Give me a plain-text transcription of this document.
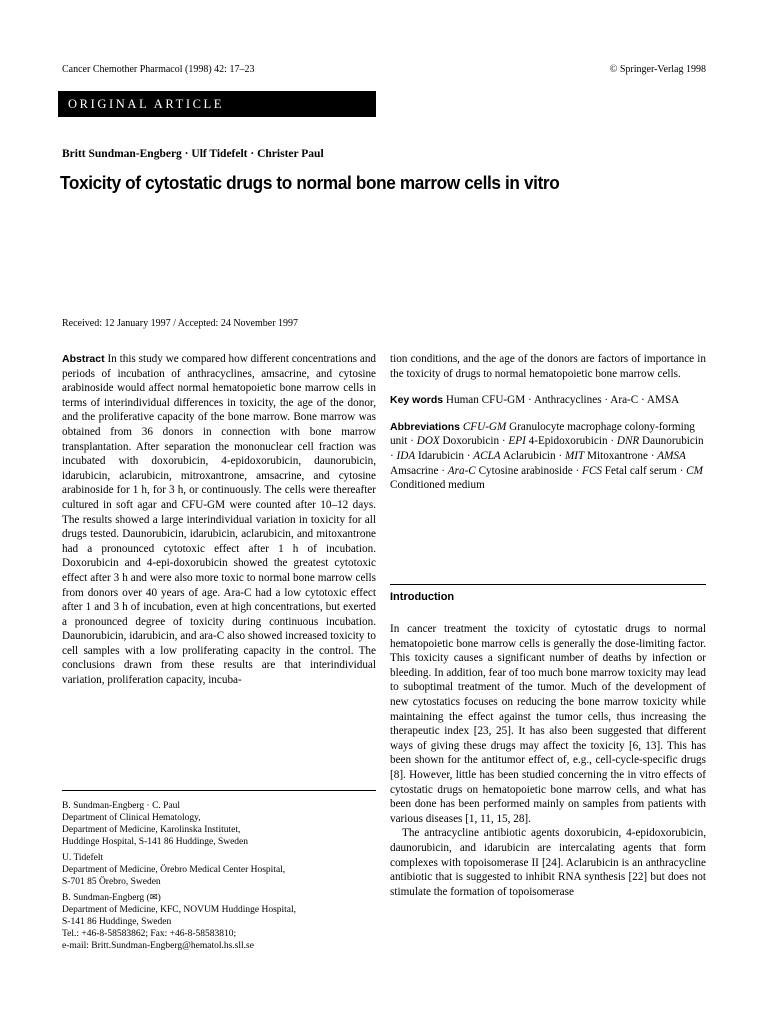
Cancer Chemother Pharmacol (1998) 42: 17–23	© Springer-Verlag 1998
ORIGINAL ARTICLE
Britt Sundman-Engberg · Ulf Tidefelt · Christer Paul
Toxicity of cytostatic drugs to normal bone marrow cells in vitro
Received: 12 January 1997 / Accepted: 24 November 1997

Abstract In this study we compared how different concentrations and periods of incubation of anthracyclines, amsacrine, and cytosine arabinoside would affect normal hematopoietic bone marrow cells in terms of interindividual differences in toxicity, the age of the donor, and the proliferative capacity of the bone marrow. Bone marrow was obtained from 36 donors in connection with bone marrow transplantation. After separation the mononuclear cell fraction was incubated with doxorubicin, 4-epidoxorubicin, daunorubicin, idarubicin, aclarubicin, mitroxantrone, amsacrine, and cytosine arabinoside for 1 h, for 3 h, or continuously. The cells were thereafter cultured in soft agar and CFU-GM were counted after 10–12 days. The results showed a large interindividual variation in toxicity for all drugs tested. Daunorubicin, idarubicin, aclarubicin, and mitoxantrone had a pronounced cytotoxic effect after 1 h of incubation. Doxorubicin and 4-epi-doxorubicin showed the greatest cytotoxic effect after 3 h and were also more toxic to normal bone marrow cells from donors over 40 years of age. Ara-C had a low cytotoxic effect after 1 and 3 h of incubation, even at high concentrations, but exerted a pronounced degree of toxicity during continuous incubation. Daunorubicin, idarubicin, and ara-C also showed increased toxicity to cell samples with a low proliferating capacity in the control. The conclusions drawn from these results are that interindividual variation, proliferation capacity, incuba-

B. Sundman-Engberg · C. Paul
Department of Clinical Hematology,
Department of Medicine, Karolinska Institutet,
Huddinge Hospital, S-141 86 Huddinge, Sweden
U. Tidefelt
Department of Medicine, Örebro Medical Center Hospital,
S-701 85 Örebro, Sweden
B. Sundman-Engberg (✉)
Department of Medicine, KFC, NOVUM Huddinge Hospital,
S-141 86 Huddinge, Sweden
Tel.: +46-8-58583862; Fax: +46-8-58583810;
e-mail: Britt.Sundman-Engberg@hematol.hs.sll.se

tion conditions, and the age of the donors are factors of importance in the toxicity of drugs to normal hematopoietic bone marrow cells.

Key words Human CFU-GM · Anthracyclines · Ara-C · AMSA

Abbreviations CFU-GM Granulocyte macrophage colony-forming unit · DOX Doxorubicin · EPI 4-Epidoxorubicin · DNR Daunorubicin · IDA Idarubicin · ACLA Aclarubicin · MIT Mitoxantrone · AMSA Amsacrine · Ara-C Cytosine arabinoside · FCS Fetal calf serum · CM Conditioned medium

Introduction

In cancer treatment the toxicity of cytostatic drugs to normal hematopoietic bone marrow cells is generally the dose-limiting factor. This toxicity causes a significant number of deaths by infection or bleeding. In addition, fear of too much bone marrow toxicity may lead to suboptimal treatment of the tumor. Much of the development of new cytostatics focuses on reducing the bone marrow toxicity while maintaining the effect against the tumor cells, thus increasing the therapeutic index [23, 25]. It has also been suggested that different ways of giving these drugs may affect the toxicity [6, 13]. This has been shown for the antitumor effect of, e.g., cell-cycle-specific drugs [8]. However, little has been studied concerning the in vitro effects of cytostatic drugs on hematopoietic bone marrow cells, and what has been done has been performed mainly on samples from patients with various diseases [1, 11, 15, 28].

The antracycline antibiotic agents doxorubicin, 4-epidoxorubicin, daunorubicin, and idarubicin are intercalating agents that form complexes with topoisomerase II [24]. Aclarubicin is an anthracycline antibiotic that is suggested to inhibit RNA synthesis [22] but does not stimulate the formation of topoisomerase
